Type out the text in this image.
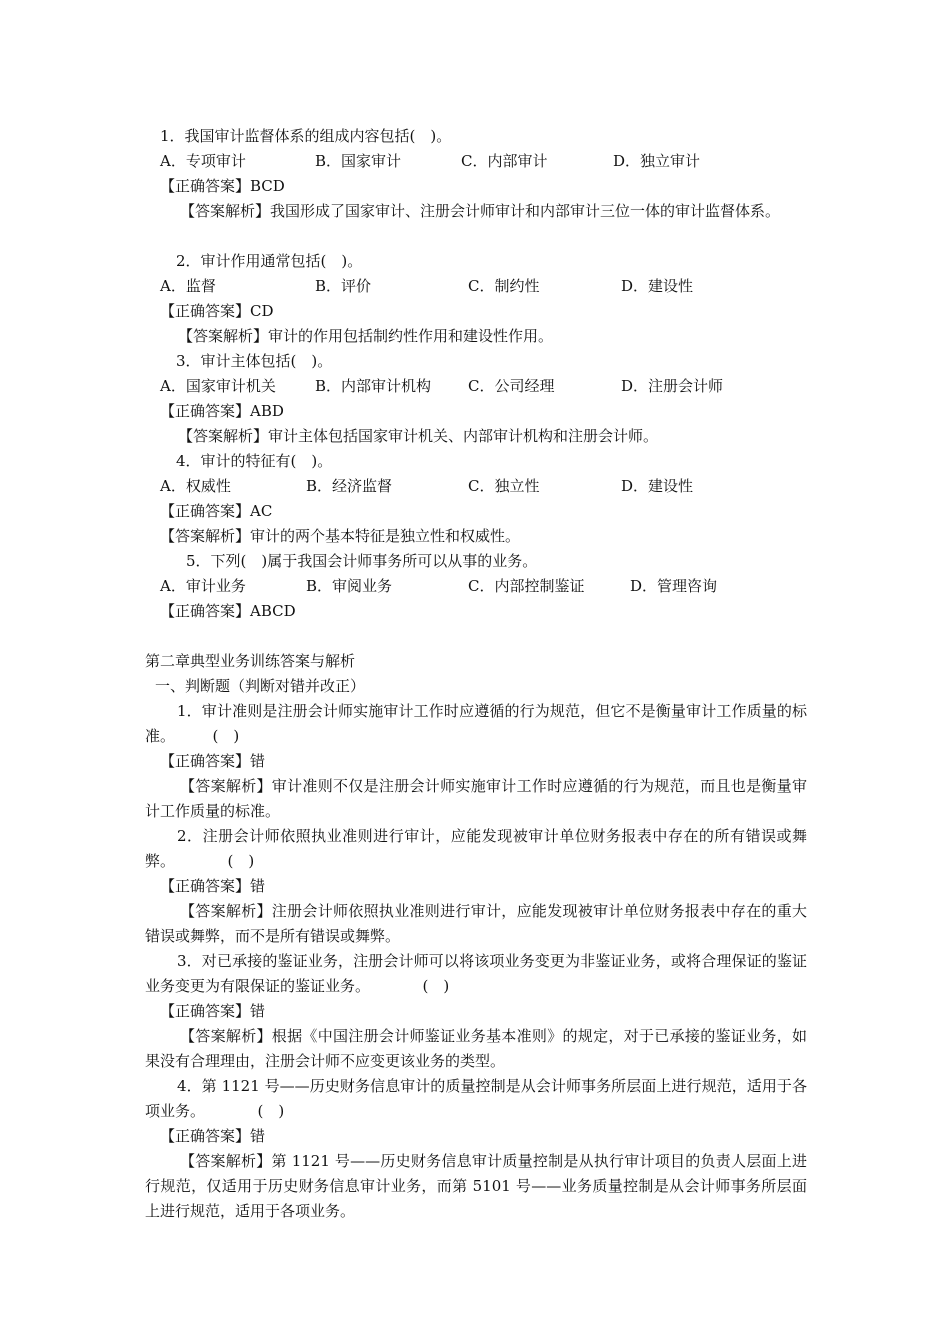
1．我国审计监督体系的组成内容包括(　)。
A．专项审计	B．国家审计	C．内部审计	D．独立审计
【正确答案】BCD
【答案解析】我国形成了国家审计、注册会计师审计和内部审计三位一体的审计监督体系。
2．审计作用通常包括(　)。
A．监督	B．评价	C．制约性	D．建设性
【正确答案】CD
【答案解析】审计的作用包括制约性作用和建设性作用。
3．审计主体包括(　)。
A．国家审计机关	B．内部审计机构 C．公司经理	D．注册会计师
【正确答案】ABD
【答案解析】审计主体包括国家审计机关、内部审计机构和注册会计师。
4．审计的特征有(　)。
A．权威性	B．经济监督	C．独立性	D．建设性
【正确答案】AC
【答案解析】审计的两个基本特征是独立性和权威性。
5．下列(　)属于我国会计师事务所可以从事的业务。
A．审计业务	B．审阅业务	C．内部控制鉴证	D．管理咨询
【正确答案】ABCD
第二章典型业务训练答案与解析
一、判断题（判断对错并改正）
1．审计准则是注册会计师实施审计工作时应遵循的行为规范，但它不是衡量审计工作质量的标准。　　　(　)
【正确答案】错
【答案解析】审计准则不仅是注册会计师实施审计工作时应遵循的行为规范，而且也是衡量审计工作质量的标准。
2．注册会计师依照执业准则进行审计，应能发现被审计单位财务报表中存在的所有错误或舞弊。　　　　(　)
【正确答案】错
【答案解析】注册会计师依照执业准则进行审计，应能发现被审计单位财务报表中存在的重大错误或舞弊，而不是所有错误或舞弊。
3．对已承接的鉴证业务，注册会计师可以将该项业务变更为非鉴证业务，或将合理保证的鉴证业务变更为有限保证的鉴证业务。　　　　(　)
【正确答案】错
【答案解析】根据《中国注册会计师鉴证业务基本准则》的规定，对于已承接的鉴证业务，如果没有合理理由，注册会计师不应变更该业务的类型。
4．第 1121 号——历史财务信息审计的质量控制是从会计师事务所层面上进行规范，适用于各项业务。　　　　(　)
【正确答案】错
【答案解析】第 1121 号——历史财务信息审计质量控制是从执行审计项目的负责人层面上进行规范，仅适用于历史财务信息审计业务，而第 5101 号——业务质量控制是从会计师事务所层面上进行规范，适用于各项业务。
